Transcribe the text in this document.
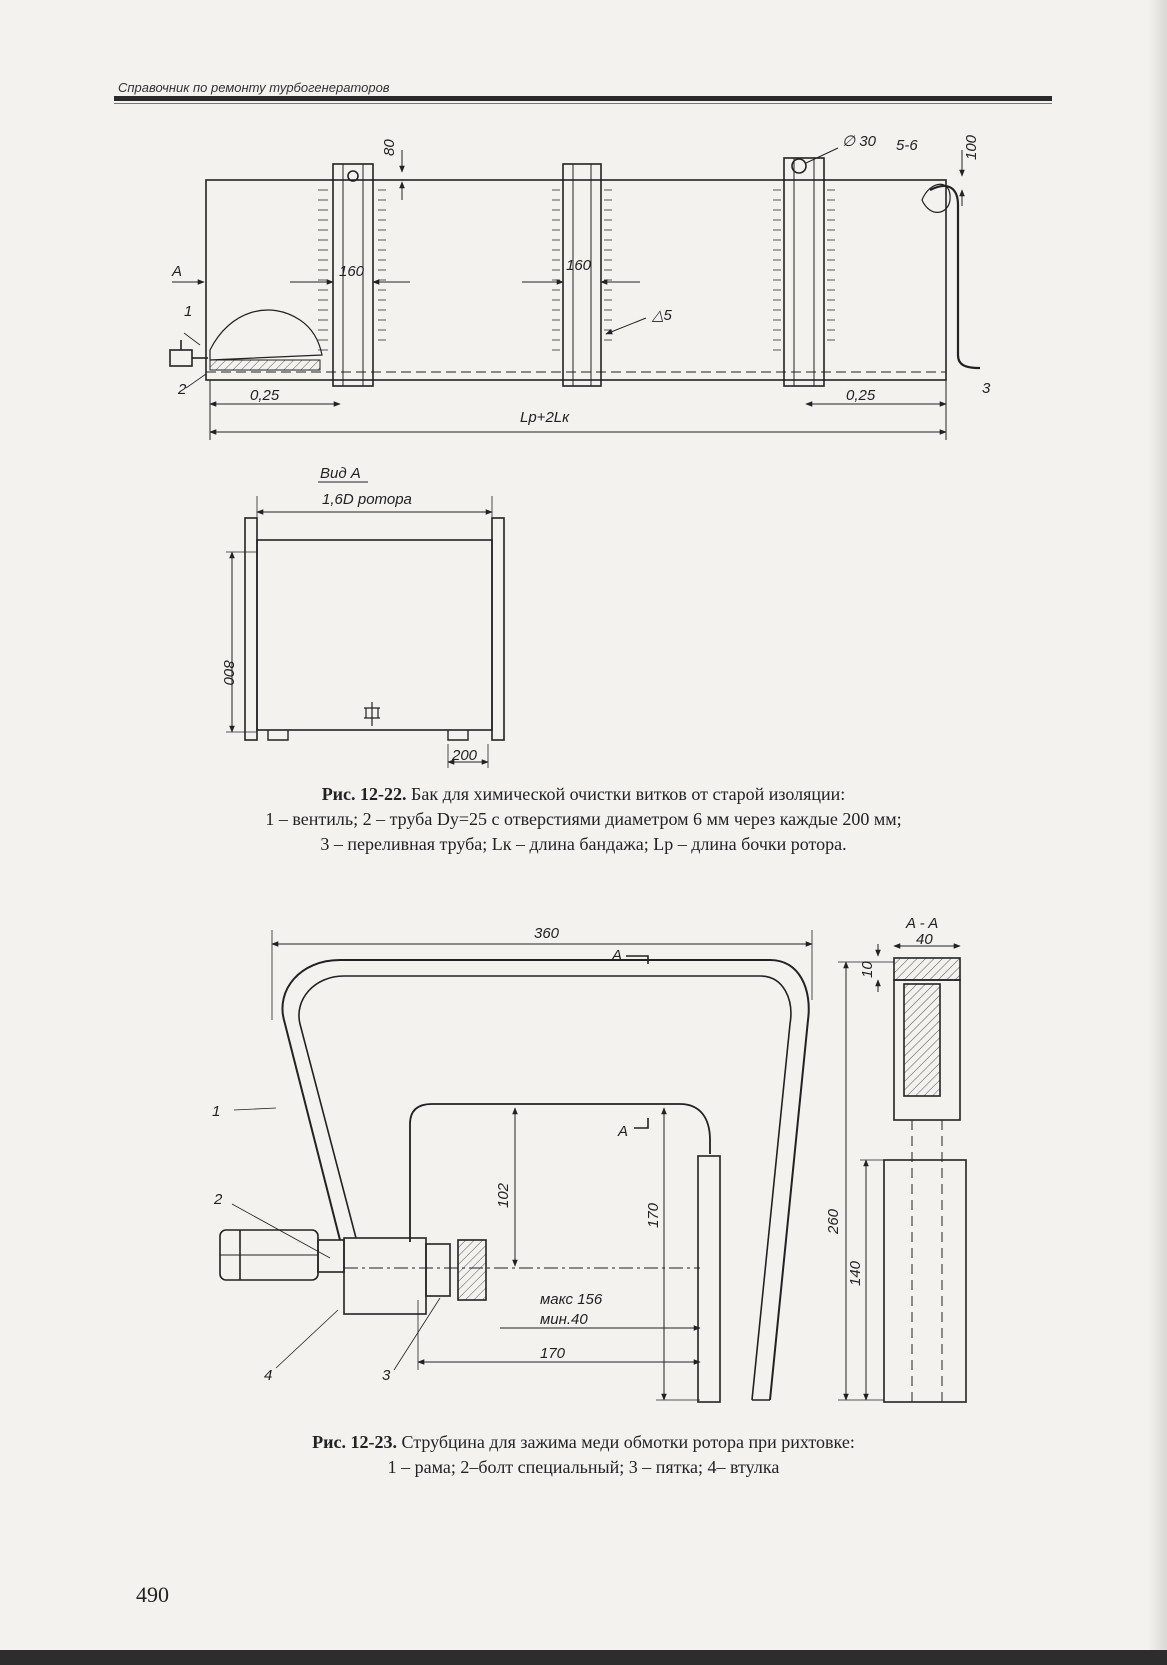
Справочник по ремонту турбогенераторов
80	∅ 30 5-6	100
160	160
△5
0,25	0,25
Lp+2Lк
A
1
2	3
Вид А
1,6D ротора
800
200
360
A
A
A - A
40
10
260
140
102
170
макс 156
мин.40
170
1
2
3
4
Рис. 12-22. Бак для химической очистки витков от старой изоляции:
1 – вентиль; 2 – труба Dу=25 с отверстиями диаметром 6 мм через каждые 200 мм;
3 – переливная труба; Lк – длина бандажа; Lр – длина бочки ротора.
Рис. 12-23. Струбцина для зажима меди обмотки ротора при рихтовке:
1 – рама; 2–болт специальный; 3 – пятка; 4– втулка
490
